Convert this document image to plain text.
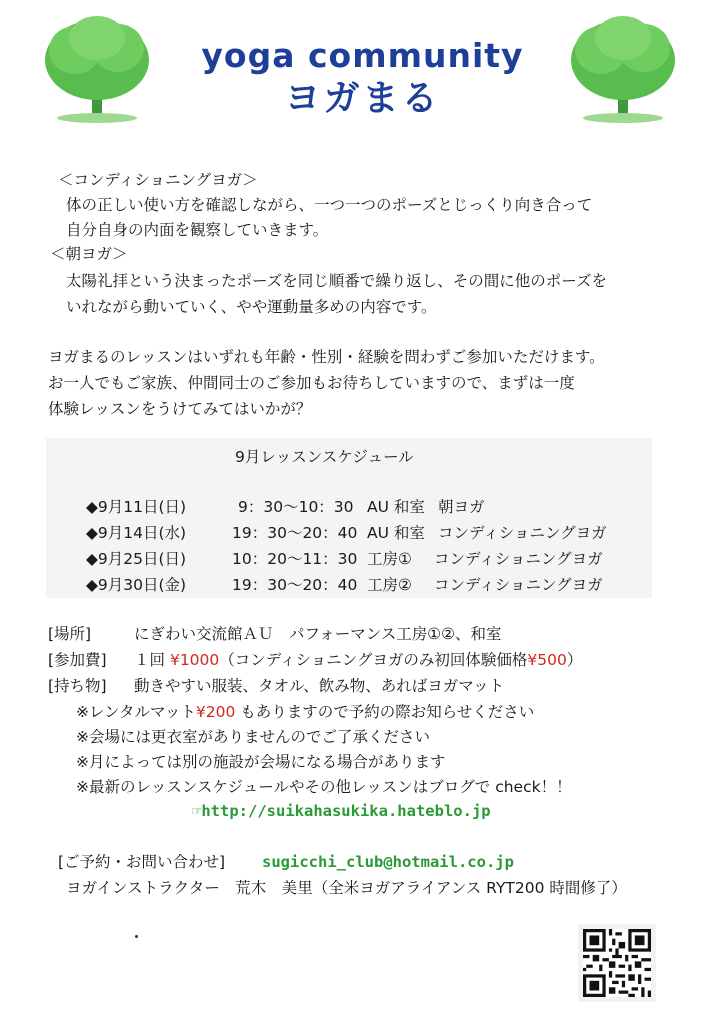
yoga community
ヨガまる
＜コンディショニングヨガ＞
体の正しい使い方を確認しながら、一つ一つのポーズとじっくり向き合って
自分自身の内面を観察していきます。
＜朝ヨガ＞
太陽礼拝という決まったポーズを同じ順番で繰り返し、その間に他のポーズを
いれながら動いていく、やや運動量多めの内容です。
ヨガまるのレッスンはいずれも年齢・性別・経験を問わずご参加いただけます。
お一人でもご家族、仲間同士のご参加もお待ちしていますので、まずは一度
体験レッスンをうけてみてはいかが？
9月レッスンスケジュール
◆9月11日(日)	9：30〜10：30 AU 和室 朝ヨガ
◆9月14日(水)	19：30〜20：40 AU 和室 コンディショニングヨガ
◆9月25日(日)	10：20〜11：30 工房① コンディショニングヨガ
◆9月30日(金)	19：30〜20：40 工房② コンディショニングヨガ
[場所]	にぎわい交流館ＡＵ　パフォーマンス工房①②、和室
[参加費] １回 ¥1000（コンディショニングヨガのみ初回体験価格¥500）
[持ち物] 動きやすい服装、タオル、飲み物、あればヨガマット
※レンタルマット¥200 もありますので予約の際お知らせください
※会場には更衣室がありませんのでご了承ください
※月によっては別の施設が会場になる場合があります
※最新のレッスンスケジュールやその他レッスンはブログで check！！
☞http://suikahasukika.hateblo.jp
[ご予約・お問い合わせ] sugicchi_club@hotmail.co.jp
ヨガインストラクター　荒木　美里（全米ヨガアライアンス RYT200 時間修了）
